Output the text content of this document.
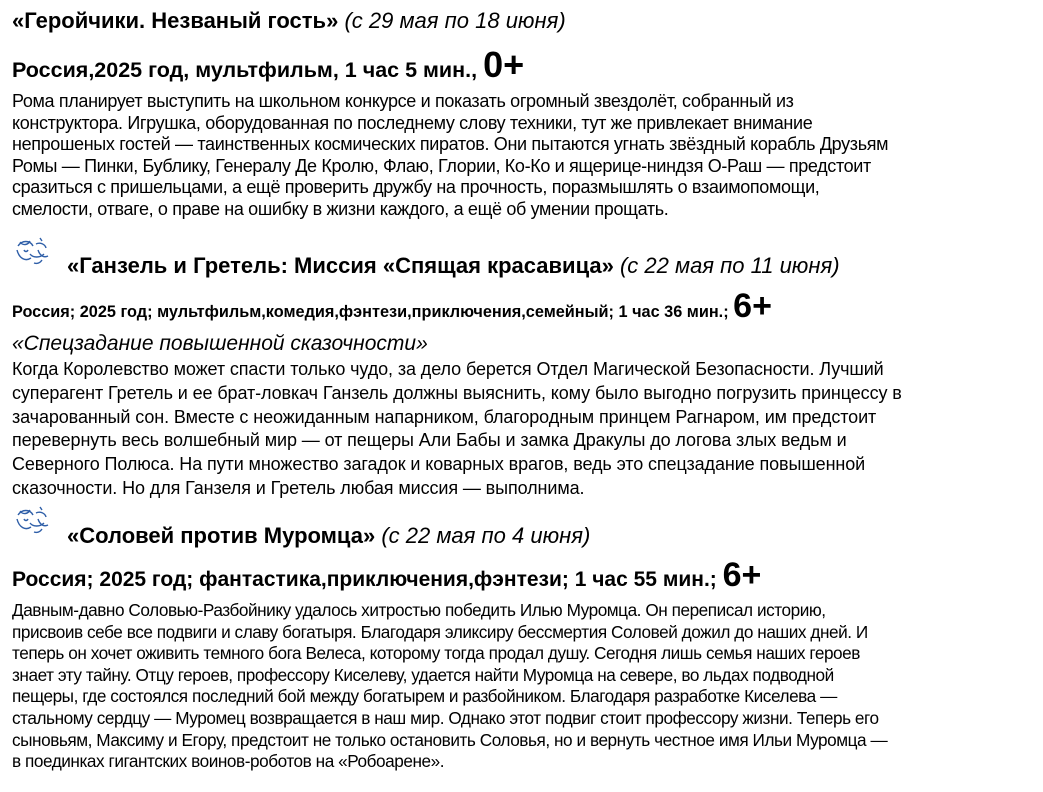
«Геройчики. Незваный гость» (с 29 мая по 18 июня)
Россия,2025 год, мультфильм, 1 час 5 мин., 0+
Рома планирует выступить на школьном конкурсе и показать огромный звездолёт, собранный из
конструктора. Игрушка, оборудованная по последнему слову техники, тут же привлекает внимание
непрошеных гостей — таинственных космических пиратов. Они пытаются угнать звёздный корабль Друзьям
Ромы — Пинки, Бублику, Генералу Де Кролю, Флаю, Глории, Ко-Ко и ящерице-ниндзя О-Раш — предстоит
сразиться с пришельцами, а ещё проверить дружбу на прочность, поразмышлять о взаимопомощи,
смелости, отваге, о праве на ошибку в жизни каждого, а ещё об умении прощать.
«Ганзель и Гретель: Миссия «Спящая красавица» (с 22 мая по 11 июня)
Россия; 2025 год; мультфильм,комедия,фэнтези,приключения,семейный; 1 час 36 мин.; 6+
«Спецзадание повышенной сказочности»
Когда Королевство может спасти только чудо, за дело берется Отдел Магической Безопасности. Лучший
суперагент Гретель и ее брат-ловкач Ганзель должны выяснить, кому было выгодно погрузить принцессу в
зачарованный сон. Вместе с неожиданным напарником, благородным принцем Рагнаром, им предстоит
перевернуть весь волшебный мир — от пещеры Али Бабы и замка Дракулы до логова злых ведьм и
Северного Полюса. На пути множество загадок и коварных врагов, ведь это спецзадание повышенной
сказочности. Но для Ганзеля и Гретель любая миссия — выполнима.
«Соловей против Муромца» (с 22 мая по 4 июня)
Россия; 2025 год; фантастика,приключения,фэнтези; 1 час 55 мин.; 6+
Давным-давно Соловью-Разбойнику удалось хитростью победить Илью Муромца. Он переписал историю,
присвоив себе все подвиги и славу богатыря. Благодаря эликсиру бессмертия Соловей дожил до наших дней. И
теперь он хочет оживить темного бога Велеса, которому тогда продал душу. Сегодня лишь семья наших героев
знает эту тайну. Отцу героев, профессору Киселеву, удается найти Муромца на севере, во льдах подводной
пещеры, где состоялся последний бой между богатырем и разбойником. Благодаря разработке Киселева —
стальному сердцу — Муромец возвращается в наш мир. Однако этот подвиг стоит профессору жизни. Теперь его
сыновьям, Максиму и Егору, предстоит не только остановить Соловья, но и вернуть честное имя Ильи Муромца —
в поединках гигантских воинов-роботов на «Робоарене».
